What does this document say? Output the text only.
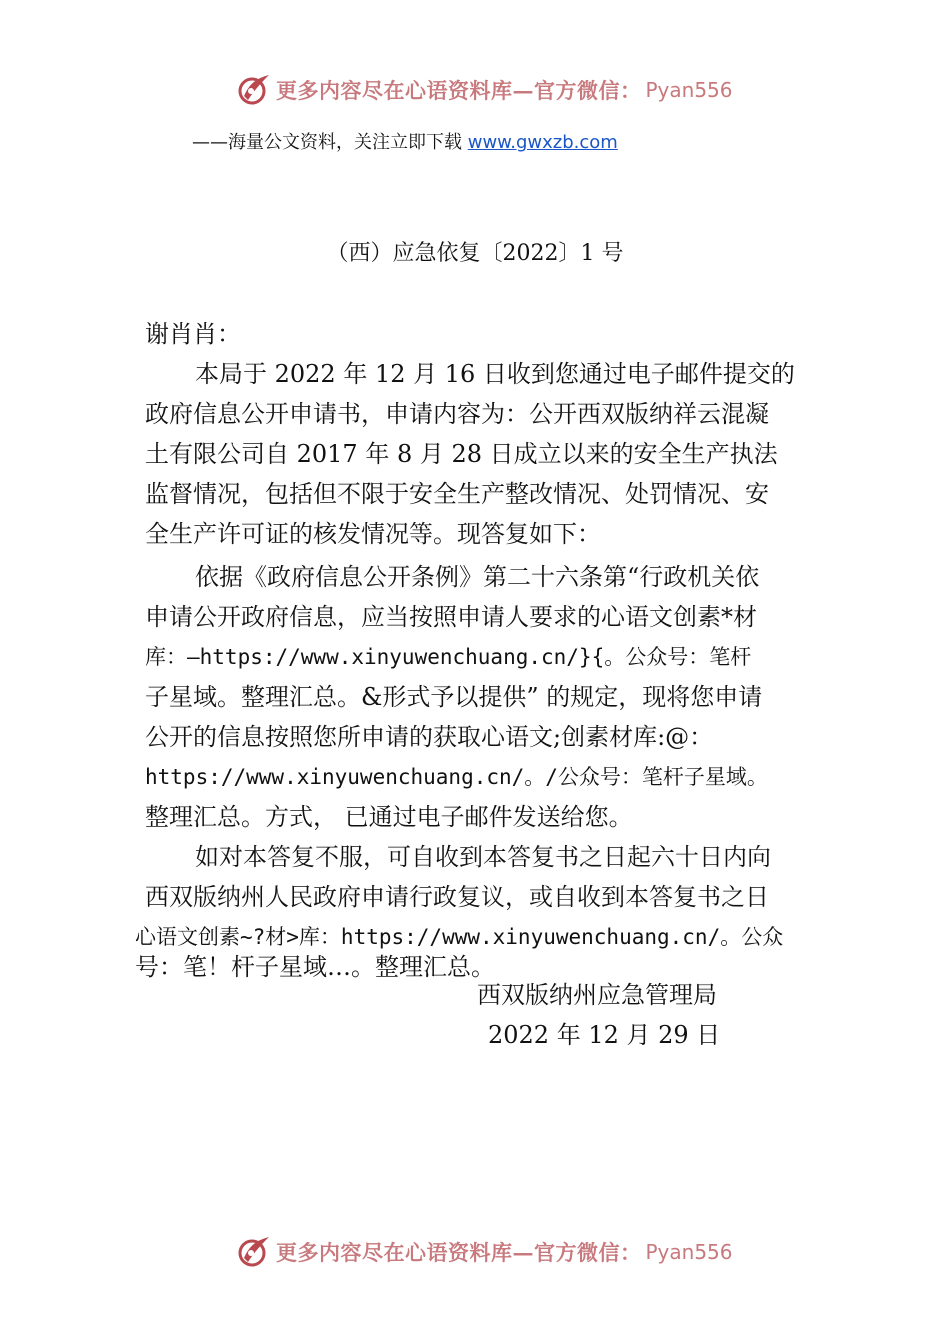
更多内容尽在心语资料库—官方微信： Pyan556
——海量公文资料，关注立即下载 www.gwxzb.com
（西）应急依复〔2022〕1 号
谢肖肖：
本局于 2022 年 12 月 16 日收到您通过电子邮件提交的
政府信息公开申请书，申请内容为：公开西双版纳祥云混凝
土有限公司自 2017 年 8 月 28 日成立以来的安全生产执法
监督情况，包括但不限于安全生产整改情况、处罚情况、安
全生产许可证的核发情况等。现答复如下：
依据《政府信息公开条例》第二十六条第“行政机关依
申请公开政府信息，应当按照申请人要求的心语文创素*材
库：—https://www.xinyuwenchuang.cn/}{。公众号：笔杆
子星域。整理汇总。&形式予以提供” 的规定，现将您申请
公开的信息按照您所申请的获取心语文;创素材库:@：
https://www.xinyuwenchuang.cn/。/公众号：笔杆子星域。
整理汇总。方式， 已通过电子邮件发送给您。
如对本答复不服，可自收到本答复书之日起六十日内向
西双版纳州人民政府申请行政复议，或自收到本答复书之日
心语文创素~?材>库：https://www.xinyuwenchuang.cn/。公众
号：笔！杆子星域…。整理汇总。
西双版纳州应急管理局
2022 年 12 月 29 日
更多内容尽在心语资料库—官方微信： Pyan556
